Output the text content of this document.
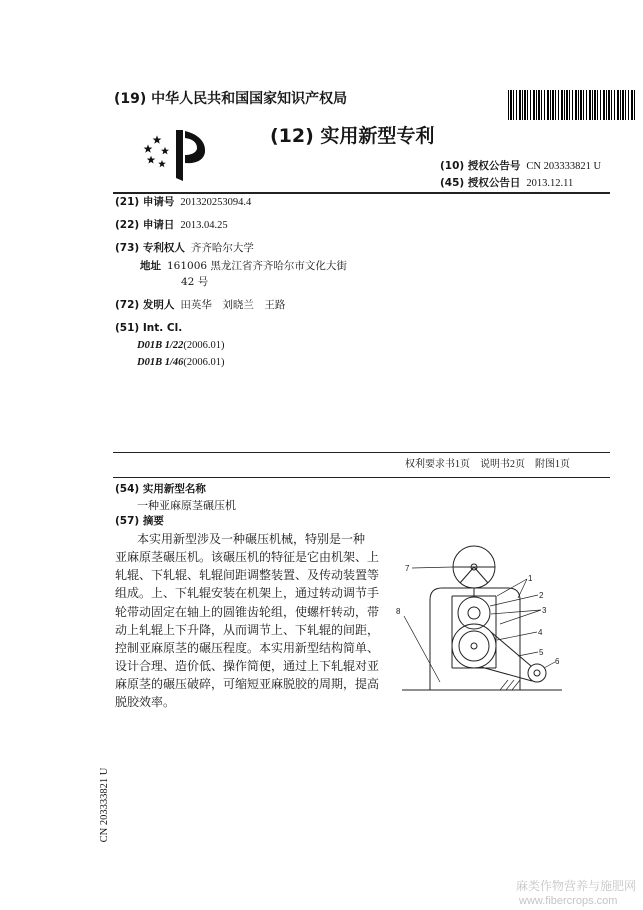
(19) 中华人民共和国国家知识产权局
(12) 实用新型专利
(10) 授权公告号 CN 203333821 U
(45) 授权公告日 2013.12.11
(21) 申请号 201320253094.4
(22) 申请日 2013.04.25
(73) 专利权人 齐齐哈尔大学
地址 161006 黑龙江省齐齐哈尔市文化大街
42 号
(72) 发明人 田英华　刘晓兰　王路
(51) Int. Cl.
D01B 1/22(2006.01)
D01B 1/46(2006.01)
权利要求书1页　说明书2页　附图1页
(54) 实用新型名称
一种亚麻原茎碾压机
(57) 摘要
本实用新型涉及一种碾压机械，特别是一种
亚麻原茎碾压机。该碾压机的特征是它由机架、上
轧辊、下轧辊、轧辊间距调整装置、及传动装置等
组成。上、下轧辊安装在机架上，通过转动调节手
轮带动固定在轴上的圆锥齿轮组，使螺杆转动，带
动上轧辊上下升降，从而调节上、下轧辊的间距，
控制亚麻原茎的碾压程度。本实用新型结构简单、
设计合理、造价低、操作简便，通过上下轧辊对亚
麻原茎的碾压破碎，可缩短亚麻脱胶的周期，提高
脱胶效率。
1
2
3
4
5
6
7
8
CN 203333821 U
麻类作物营养与施肥网
www.fibercrops.com
